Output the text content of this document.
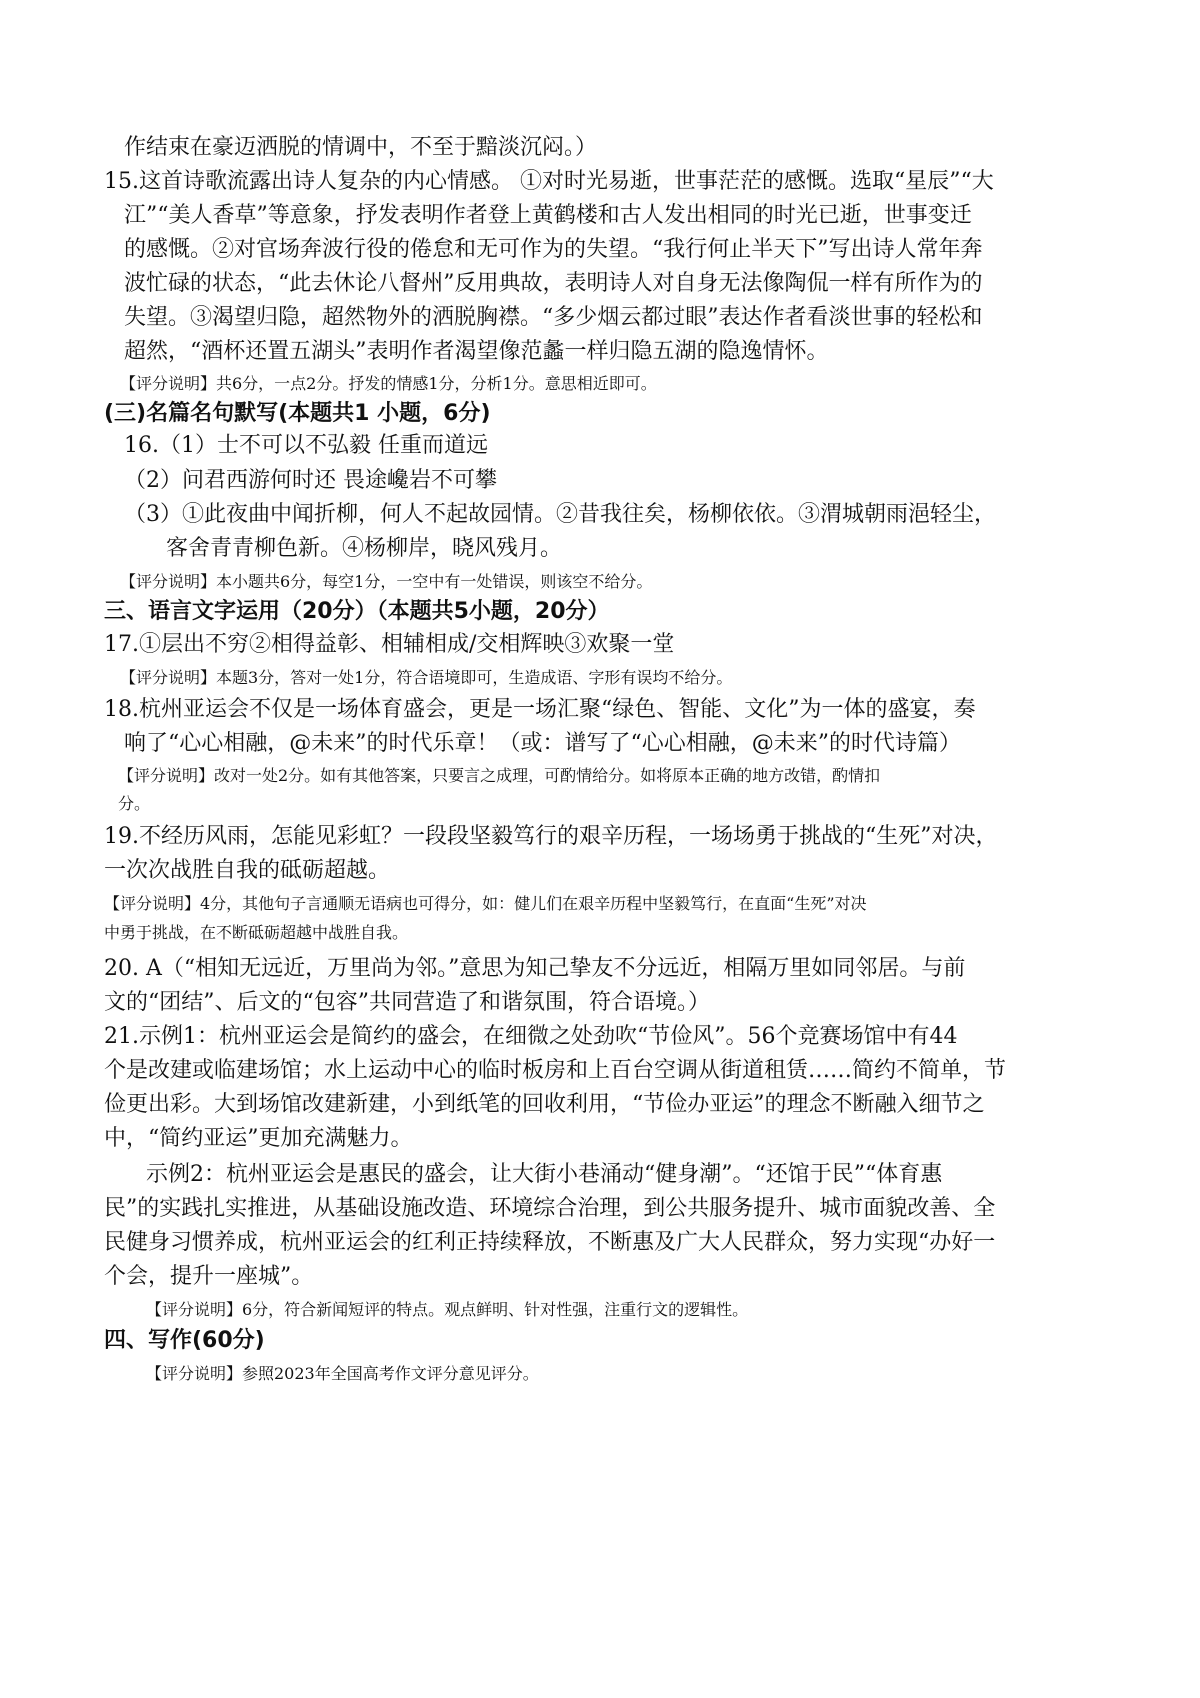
作结束在豪迈洒脱的情调中，不至于黯淡沉闷。）
15.这首诗歌流露出诗人复杂的内心情感。 ①对时光易逝，世事茫茫的感慨。选取“星辰”“大
江”“美人香草”等意象，抒发表明作者登上黄鹤楼和古人发出相同的时光已逝，世事变迁
的感慨。②对官场奔波行役的倦怠和无可作为的失望。“我行何止半天下”写出诗人常年奔
波忙碌的状态，“此去休论八督州”反用典故，表明诗人对自身无法像陶侃一样有所作为的
失望。③渴望归隐，超然物外的洒脱胸襟。“多少烟云都过眼”表达作者看淡世事的轻松和
超然，“酒杯还置五湖头”表明作者渴望像范蠡一样归隐五湖的隐逸情怀。
【评分说明】共6分，一点2分。抒发的情感1分，分析1分。意思相近即可。
(三)名篇名句默写(本题共1 小题，6分)
16.（1）士不可以不弘毅 任重而道远
（2）问君西游何时还 畏途巉岩不可攀
（3）①此夜曲中闻折柳，何人不起故园情。②昔我往矣，杨柳依依。③渭城朝雨浥轻尘，
客舍青青柳色新。④杨柳岸，晓风残月。
【评分说明】本小题共6分，每空1分，一空中有一处错误，则该空不给分。
三、语言文字运用（20分）（本题共5小题，20分）
17.①层出不穷②相得益彰、相辅相成/交相辉映③欢聚一堂
【评分说明】本题3分，答对一处1分，符合语境即可，生造成语、字形有误均不给分。
18.杭州亚运会不仅是一场体育盛会，更是一场汇聚“绿色、智能、文化”为一体的盛宴，奏
响了“心心相融，@未来”的时代乐章！（或：谱写了“心心相融，@未来”的时代诗篇）
【评分说明】改对一处2分。如有其他答案，只要言之成理，可酌情给分。如将原本正确的地方改错，酌情扣
分。
19.不经历风雨，怎能见彩虹？一段段坚毅笃行的艰辛历程，一场场勇于挑战的“生死”对决，
一次次战胜自我的砥砺超越。
【评分说明】4分，其他句子言通顺无语病也可得分，如：健儿们在艰辛历程中坚毅笃行，在直面“生死”对决
中勇于挑战，在不断砥砺超越中战胜自我。
20. A（“相知无远近，万里尚为邻。”意思为知己挚友不分远近，相隔万里如同邻居。与前
文的“团结”、后文的“包容”共同营造了和谐氛围，符合语境。）
21.示例1：杭州亚运会是简约的盛会，在细微之处劲吹“节俭风”。56个竞赛场馆中有44
个是改建或临建场馆；水上运动中心的临时板房和上百台空调从街道租赁……简约不简单，节
俭更出彩。大到场馆改建新建，小到纸笔的回收利用，“节俭办亚运”的理念不断融入细节之
中，“简约亚运”更加充满魅力。
示例2：杭州亚运会是惠民的盛会，让大街小巷涌动“健身潮”。“还馆于民”“体育惠
民”的实践扎实推进，从基础设施改造、环境综合治理，到公共服务提升、城市面貌改善、全
民健身习惯养成，杭州亚运会的红利正持续释放，不断惠及广大人民群众，努力实现“办好一
个会，提升一座城”。
【评分说明】6分，符合新闻短评的特点。观点鲜明、针对性强，注重行文的逻辑性。
四、写作(60分)
【评分说明】参照2023年全国高考作文评分意见评分。
